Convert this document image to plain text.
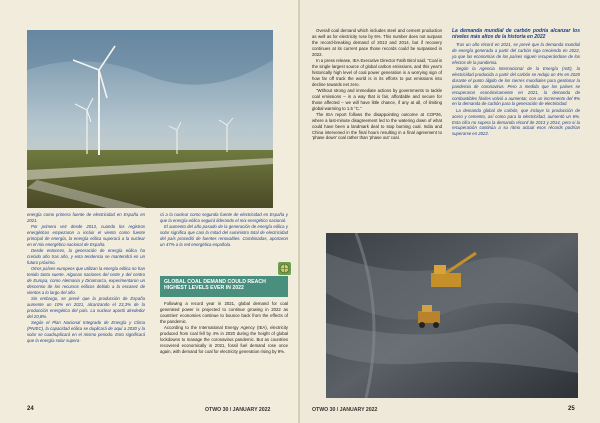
energía como primera fuente de electricidad en España en 2021.

Por primera vez desde 2013, cuando los registros energéticos empezaron a incluir el viento como fuente principal de energía, la energía eólica superará a la nuclear en el mix energético nacional de España.

Desde entonces, la generación de energía eólica ha crecido año tras año, y esta tendencia se mantendrá en un futuro próximo.

Otros países europeos que utilizan la energía eólica no han tenido tanta suerte. Algunas naciones del norte y del centro de Europa, como Alemania y Dinamarca, experimentaron un descenso de los recursos eólicos debido a la escasez de vientos a lo largo del año.

Sin embargo, se prevé que la producción de España aumente un 10% en 2021, alcanzando el 23,3% de la producción energética del país. La nuclear aportó alrededor del 20,8%.

Según el Plan Nacional Integrado de Energía y Clima (PNIEC), la capacidad eólica se duplicará de aquí a 2030 y la solar se cuadruplicará en el mismo periodo. Esto significará que la energía solar supera-

rá a la nuclear como segunda fuente de electricidad en España y que la energía eólica seguirá liderando el mix energético nacional.

El aumento del año pasado de la generación de energía eólica y solar significa que casi la mitad del suministro total de electricidad del país procedió de fuentes renovables. Combinadas, aportaron un 47% a la red energética española.

GLOBAL COAL DEMAND COULD REACH HIGHEST LEVELS EVER IN 2022

Following a record year in 2021, global demand for coal generated power is projected to continue growing in 2022 as countries' economies continue to bounce back from the effects of the pandemic.

According to the International Energy Agency (IEA), electricity produced from coal fell by 4% in 2020 during the height of global lockdowns to manage the coronavirus pandemic. But as countries recovered economically in 2021, fossil fuel demand rose once again, with demand for coal for electricity generation rising by 9%.

24	OTWO 30 / JANUARY 2022

Overall coal demand which includes steel and cement production as well as for electricity rose by 6%. This number does not surpass the record-breaking demand of 2013 and 2014, but if recovery continues at its current pace those records could be surpassed in 2022.

In a press release, IEA Executive Director Fatih Birol said, "Coal is the single largest source of global carbon emissions, and this year's historically high level of coal power generation is a worrying sign of how far off track the world is in its efforts to put emissions into decline towards net zero.

"Without strong and immediate actions by governments to tackle coal emissions – in a way that is fair, affordable and secure for those affected – we will have little chance, if any at all, of limiting global warming to 1.5 °C."

The IEA report follows the disappointing outcome at COP26, where a last-minute disagreement led to the watering down of what could have been a landmark deal to stop burning coal. India and China intervened in the final hours resulting in a final agreement to 'phase down' coal rather than 'phase out' coal.

La demanda mundial de carbón podría alcanzar los niveles más altos de la historia en 2022

Tras un año récord en 2021, se prevé que la demanda mundial de energía generada a partir del carbón siga creciendo en 2022, ya que las economías de los países siguen recuperándose de los efectos de la pandemia.

Según la Agencia Internacional de la Energía (AIE), la electricidad producida a partir del carbón se redujo un 4% en 2020 durante el punto álgido de los cierres mundiales para gestionar la pandemia de coronavirus. Pero a medida que los países se recuperaron económicamente en 2021, la demanda de combustibles fósiles volvió a aumentar, con un incremento del 9% en la demanda de carbón para la generación de electricidad.

La demanda global de carbón, que incluye la producción de acero y cemento, así como para la electricidad, aumentó un 6%. Esta cifra no supera la demanda récord de 2013 y 2014, pero si la recuperación continúa a su ritmo actual esos récords podrían superarse en 2022.

OTWO 30 / JANUARY 2022	25
